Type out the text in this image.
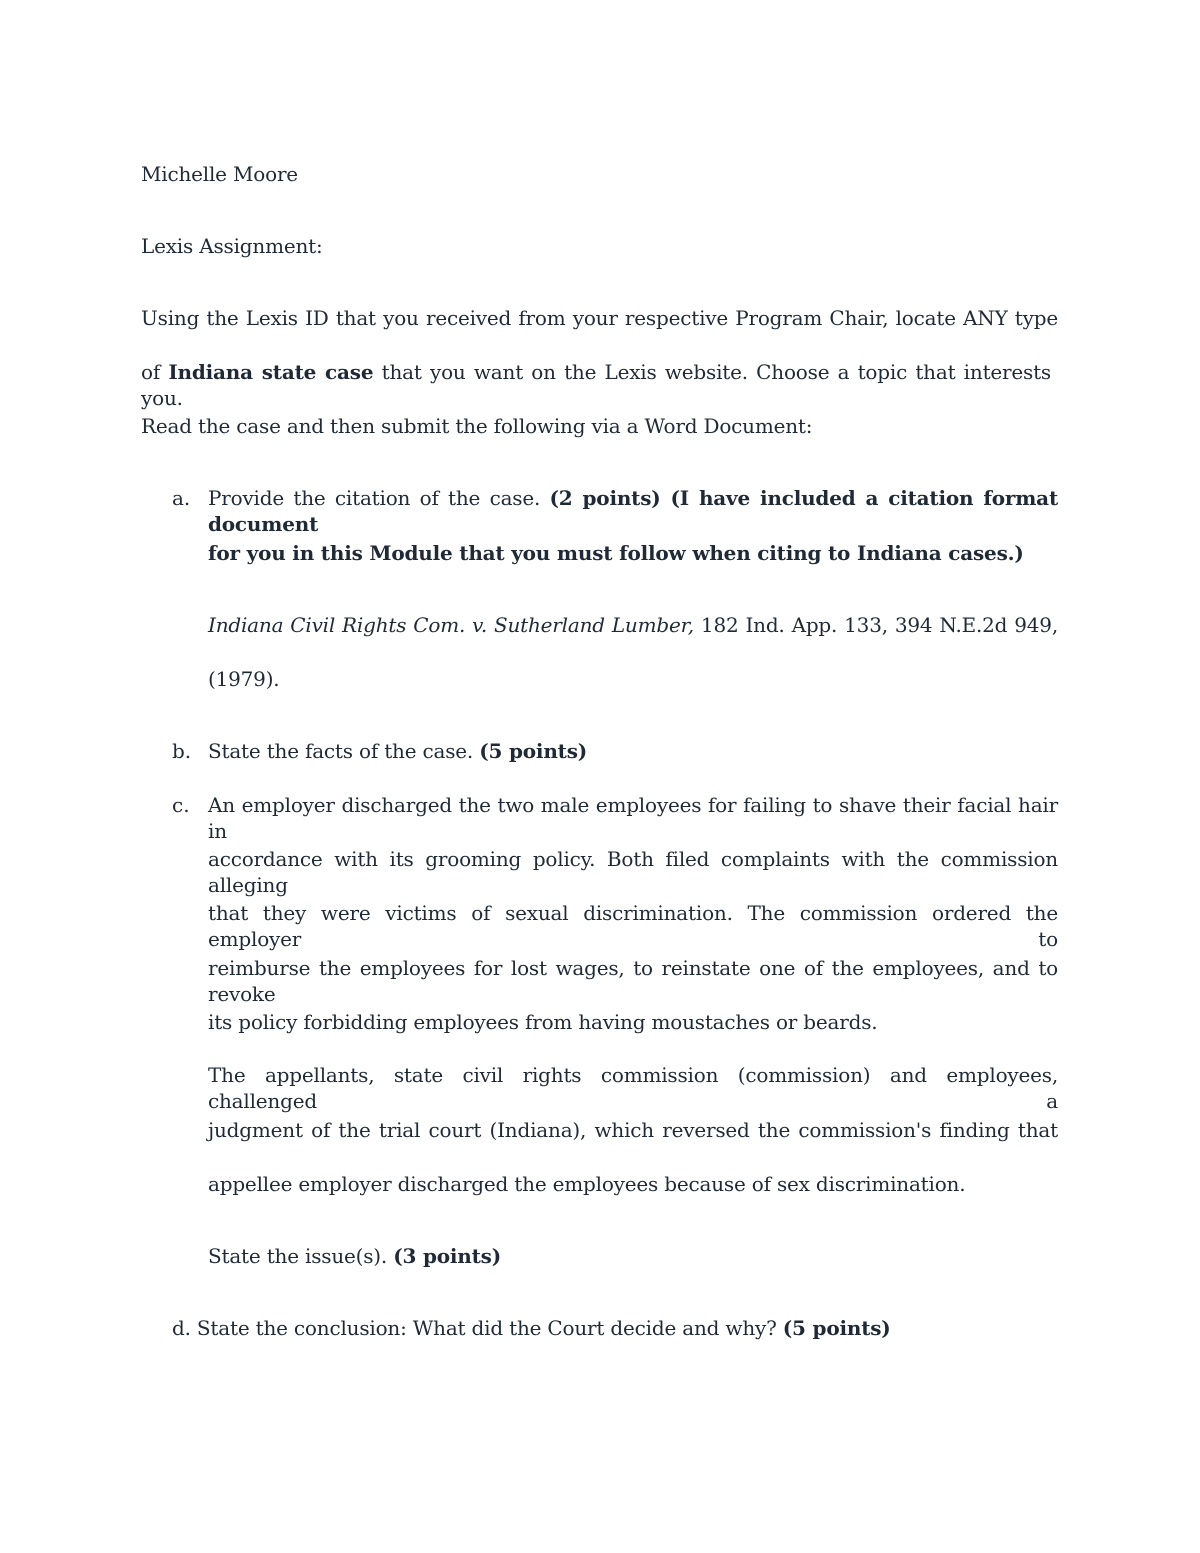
Michelle Moore
Lexis Assignment:
Using the Lexis ID that you received from your respective Program Chair, locate ANY type
of Indiana state case that you want on the Lexis website. Choose a topic that interests you.
Read the case and then submit the following via a Word Document:
a. Provide the citation of the case. (2 points) (I have included a citation format document
for you in this Module that you must follow when citing to Indiana cases.)
Indiana Civil Rights Com. v. Sutherland Lumber, 182 Ind. App. 133, 394 N.E.2d 949,
(1979).
b. State the facts of the case. (5 points)
c. An employer discharged the two male employees for failing to shave their facial hair in
accordance with its grooming policy. Both filed complaints with the commission alleging
that they were victims of sexual discrimination. The commission ordered the employer to
reimburse the employees for lost wages, to reinstate one of the employees, and to revoke
its policy forbidding employees from having moustaches or beards.
The appellants, state civil rights commission (commission) and employees, challenged a
judgment of the trial court (Indiana), which reversed the commission's finding that
appellee employer discharged the employees because of sex discrimination.
State the issue(s). (3 points)
d. State the conclusion: What did the Court decide and why? (5 points)
